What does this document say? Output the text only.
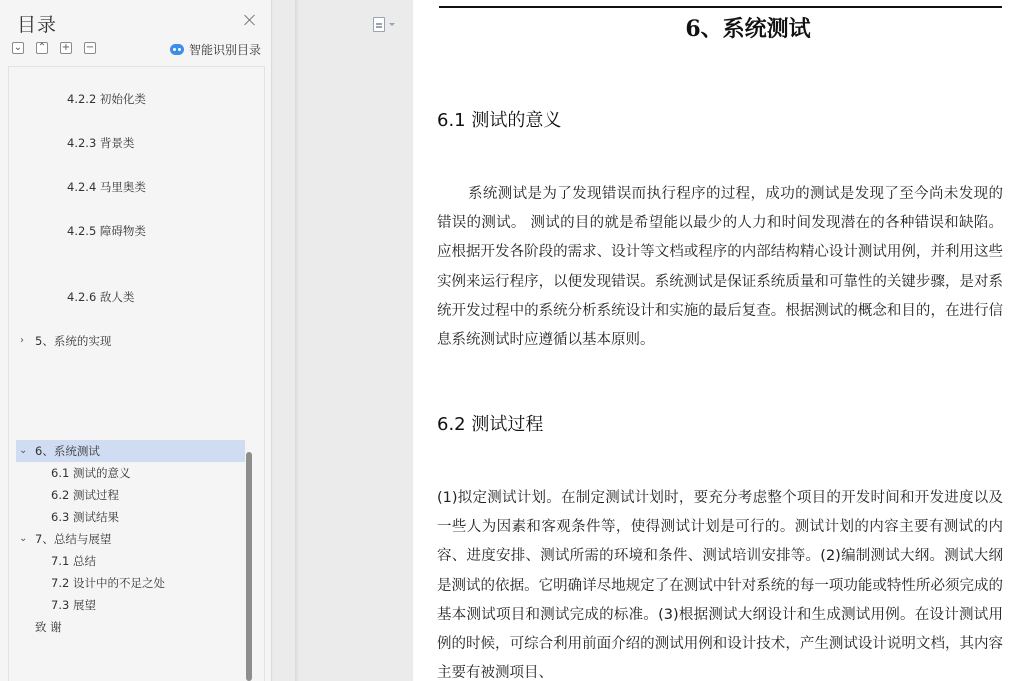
目录
⌄ ⌃ + −	智能识别目录
4.2.2 初始化类
4.2.3 背景类
4.2.4 马里奥类
4.2.5 障碍物类
4.2.6 敌人类
› 5、系统的实现
⌄ 6、系统测试
6.1 测试的意义
6.2 测试过程
6.3 测试结果
⌄ 7、总结与展望
7.1 总结
7.2 设计中的不足之处
7.3 展望
致 谢
6、系统测试
6.1 测试的意义
系统测试是为了发现错误而执行程序的过程，成功的测试是发现了至今尚未发现的错误的测试。 测试的目的就是希望能以最少的人力和时间发现潜在的各种错误和缺陷。应根据开发各阶段的需求、设计等文档或程序的内部结构精心设计测试用例，并利用这些实例来运行程序，以便发现错误。系统测试是保证系统质量和可靠性的关键步骤，是对系统开发过程中的系统分析系统设计和实施的最后复查。根据测试的概念和目的，在进行信息系统测试时应遵循以基本原则。
6.2 测试过程
(1)拟定测试计划。在制定测试计划时，要充分考虑整个项目的开发时间和开发进度以及一些人为因素和客观条件等，使得测试计划是可行的。测试计划的内容主要有测试的内容、进度安排、测试所需的环境和条件、测试培训安排等。(2)编制测试大纲。测试大纲是测试的依据。它明确详尽地规定了在测试中针对系统的每一项功能或特性所必须完成的基本测试项目和测试完成的标准。(3)根据测试大纲设计和生成测试用例。在设计测试用例的时候，可综合利用前面介绍的测试用例和设计技术，产生测试设计说明文档，其内容主要有被测项目、
